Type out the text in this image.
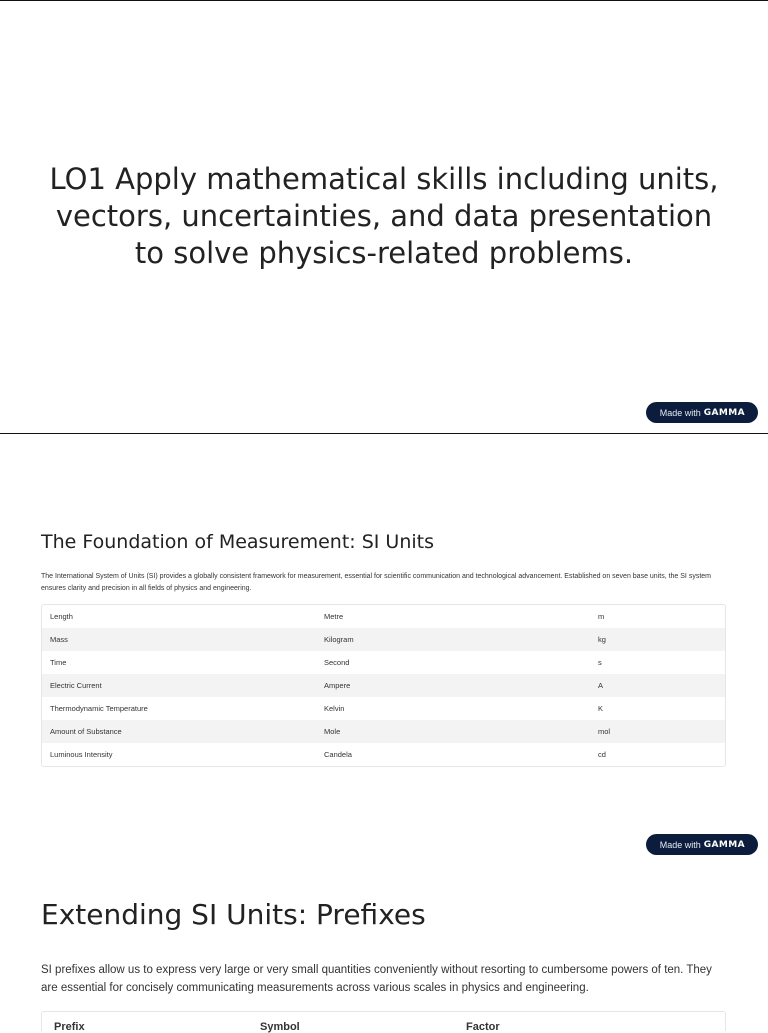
LO1 Apply mathematical skills including units, vectors, uncertainties, and data presentation to solve physics-related problems.
Made with GAMMA
The Foundation of Measurement: SI Units

The International System of Units (SI) provides a globally consistent framework for measurement, essential for scientific communication and technological advancement. Established on seven base units, the SI system ensures clarity and precision in all fields of physics and engineering.

Length	Metre	m
Mass	Kilogram	kg
Time	Second	s
Electric Current	Ampere	A
Thermodynamic Temperature	Kelvin	K
Amount of Substance	Mole	mol
Luminous Intensity	Candela	cd
Made with GAMMA
Extending SI Units: Prefixes

SI prefixes allow us to express very large or very small quantities conveniently without resorting to cumbersome powers of ten. They are essential for concisely communicating measurements across various scales in physics and engineering.

Prefix	Symbol	Factor
